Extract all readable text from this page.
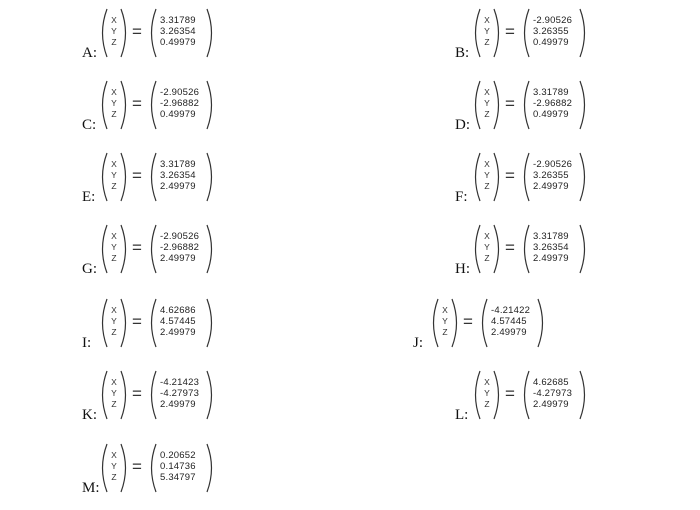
A:
X
Y
Z
=
3.31789
3.26354
0.49979
B:
X
Y
Z
=
-2.90526
3.26355
0.49979
C:
X
Y
Z
=
-2.90526
-2.96882
0.49979
D:
X
Y
Z
=
3.31789
-2.96882
0.49979
E:
X
Y
Z
=
3.31789
3.26354
2.49979
F:
X
Y
Z
=
-2.90526
3.26355
2.49979
G:
X
Y
Z
=
-2.90526
-2.96882
2.49979
H:
X
Y
Z
=
3.31789
3.26354
2.49979
I:
X
Y
Z
=
4.62686
4.57445
2.49979
J:
X
Y
Z
=
-4.21422
4.57445
2.49979
K:
X
Y
Z
=
-4.21423
-4.27973
2.49979
L:
X
Y
Z
=
4.62685
-4.27973
2.49979
M:
X
Y
Z
=
0.20652
0.14736
5.34797
